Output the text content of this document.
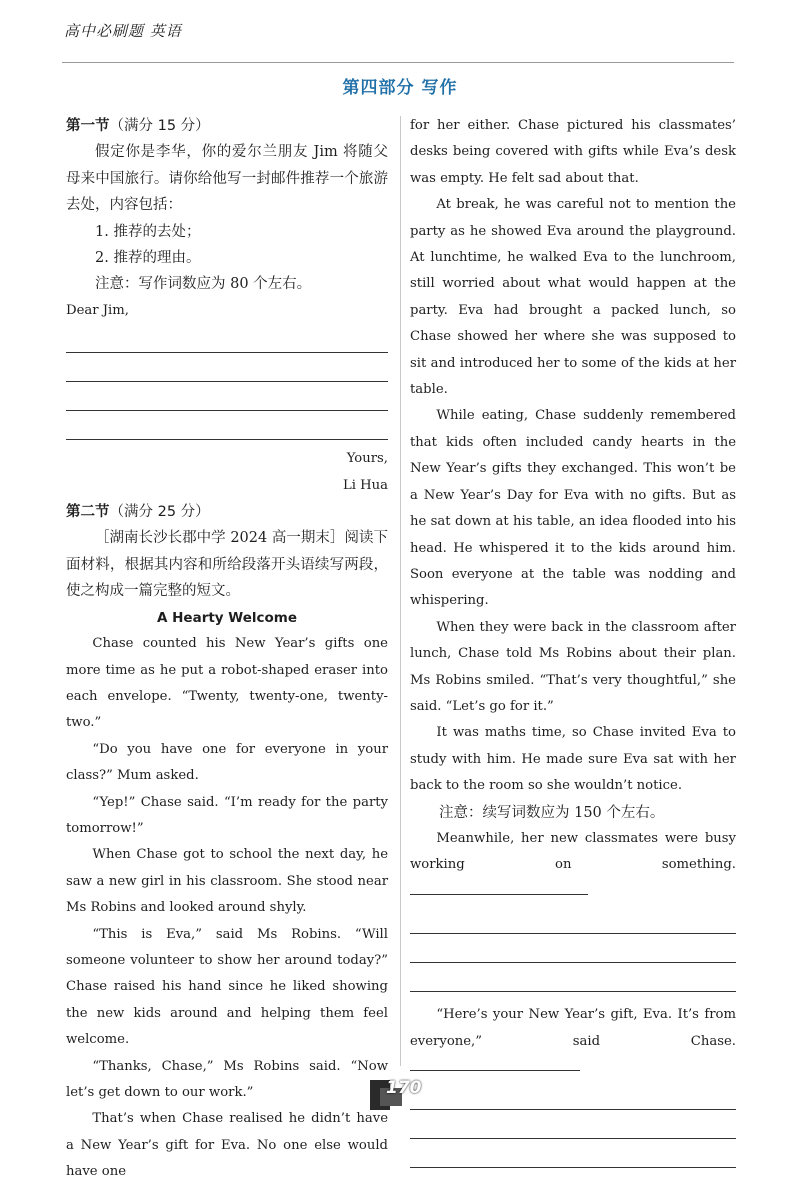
高中必刷题 英语
第四部分 写作

第一节（满分 15 分）

假定你是李华，你的爱尔兰朋友 Jim 将随父母来中国旅行。请你给他写一封邮件推荐一个旅游去处，内容包括：

1. 推荐的去处；

2. 推荐的理由。

注意：写作词数应为 80 个左右。

Dear Jim,

Yours,

Li Hua

第二节（满分 25 分）

［湖南长沙长郡中学 2024 高一期末］阅读下面材料，根据其内容和所给段落开头语续写两段，使之构成一篇完整的短文。

A Hearty Welcome

Chase counted his New Year’s gifts one more time as he put a robot-shaped eraser into each envelope. “Twenty, twenty-one, twenty-two.”

“Do you have one for everyone in your class?” Mum asked.

“Yep!” Chase said. “I’m ready for the party tomorrow!”

When Chase got to school the next day, he saw a new girl in his classroom. She stood near Ms Robins and looked around shyly.

“This is Eva,” said Ms Robins. “Will someone volunteer to show her around today?” Chase raised his hand since he liked showing the new kids around and helping them feel welcome.

“Thanks, Chase,” Ms Robins said. “Now let’s get down to our work.”

That’s when Chase realised he didn’t have a New Year’s gift for Eva. No one else would have one

for her either. Chase pictured his classmates’ desks being covered with gifts while Eva’s desk was empty. He felt sad about that.

At break, he was careful not to mention the party as he showed Eva around the playground. At lunchtime, he walked Eva to the lunchroom, still worried about what would happen at the party. Eva had brought a packed lunch, so Chase showed her where she was supposed to sit and introduced her to some of the kids at her table.

While eating, Chase suddenly remembered that kids often included candy hearts in the New Year’s gifts they exchanged. This won’t be a New Year’s Day for Eva with no gifts. But as he sat down at his table, an idea flooded into his head. He whispered it to the kids around him. Soon everyone at the table was nodding and whispering.

When they were back in the classroom after lunch, Chase told Ms Robins about their plan. Ms Robins smiled. “That’s very thoughtful,” she said. “Let’s go for it.”

It was maths time, so Chase invited Eva to study with him. He made sure Eva sat with her back to the room so she wouldn’t notice.

注意：续写词数应为 150 个左右。

Meanwhile, her new classmates were busy working on something.

“Here’s your New Year’s gift, Eva. It’s from everyone,” said Chase.

170
